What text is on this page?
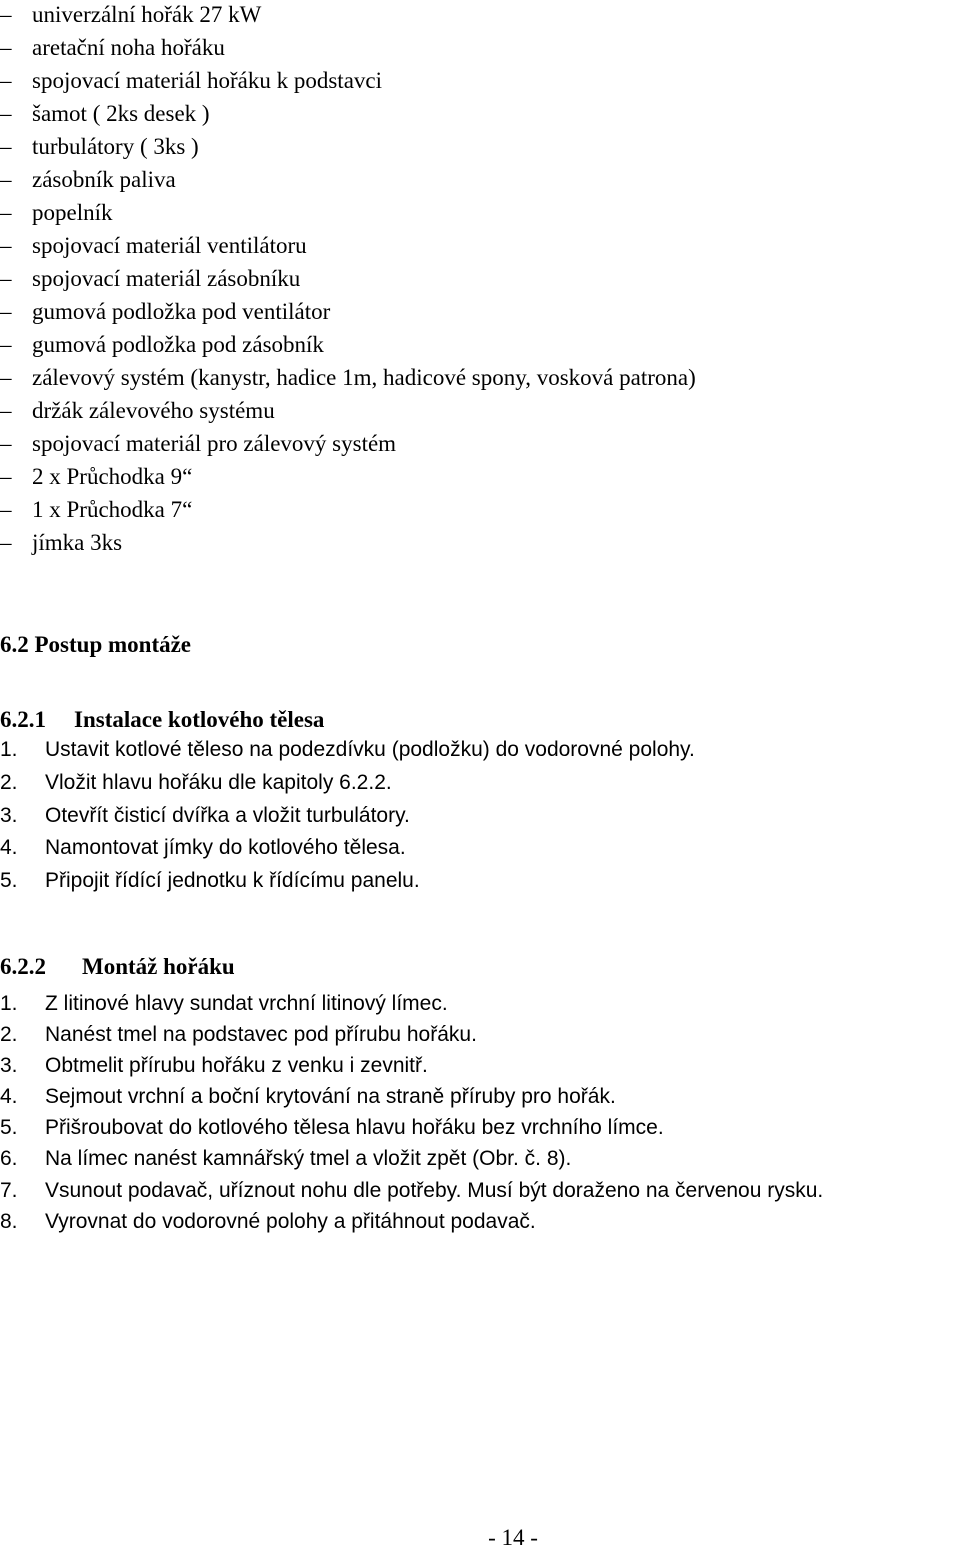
– univerzální hořák 27 kW
– aretační noha hořáku
– spojovací materiál hořáku k podstavci
– šamot ( 2ks desek )
– turbulátory ( 3ks )
– zásobník paliva
– popelník
– spojovací materiál ventilátoru
– spojovací materiál zásobníku
– gumová podložka pod ventilátor
– gumová podložka pod zásobník
– zálevový systém (kanystr, hadice 1m, hadicové spony, vosková patrona)
– držák zálevového systému
– spojovací materiál pro zálevový systém
– 2 x Průchodka 9“
– 1 x Průchodka 7“
– jímka 3ks
6.2 Postup montáže
6.2.1 Instalace kotlového tělesa
1. Ustavit kotlové těleso na podezdívku (podložku) do vodorovné polohy.
2. Vložit hlavu hořáku dle kapitoly 6.2.2.
3. Otevřít čisticí dvířka a vložit turbulátory.
4. Namontovat jímky do kotlového tělesa.
5. Připojit řídící jednotku k řídícímu panelu.
6.2.2 Montáž hořáku
1. Z litinové hlavy sundat vrchní litinový límec.
2. Nanést tmel na podstavec pod přírubu hořáku.
3. Obtmelit přírubu hořáku z venku i zevnitř.
4. Sejmout vrchní a boční krytování na straně příruby pro hořák.
5. Přišroubovat do kotlového tělesa hlavu hořáku bez vrchního límce.
6. Na límec nanést kamnářský tmel a vložit zpět (Obr. č. 8).
7. Vsunout podavač, uříznout nohu dle potřeby. Musí být doraženo na červenou rysku.
8. Vyrovnat do vodorovné polohy a přitáhnout podavač.
- 14 -
